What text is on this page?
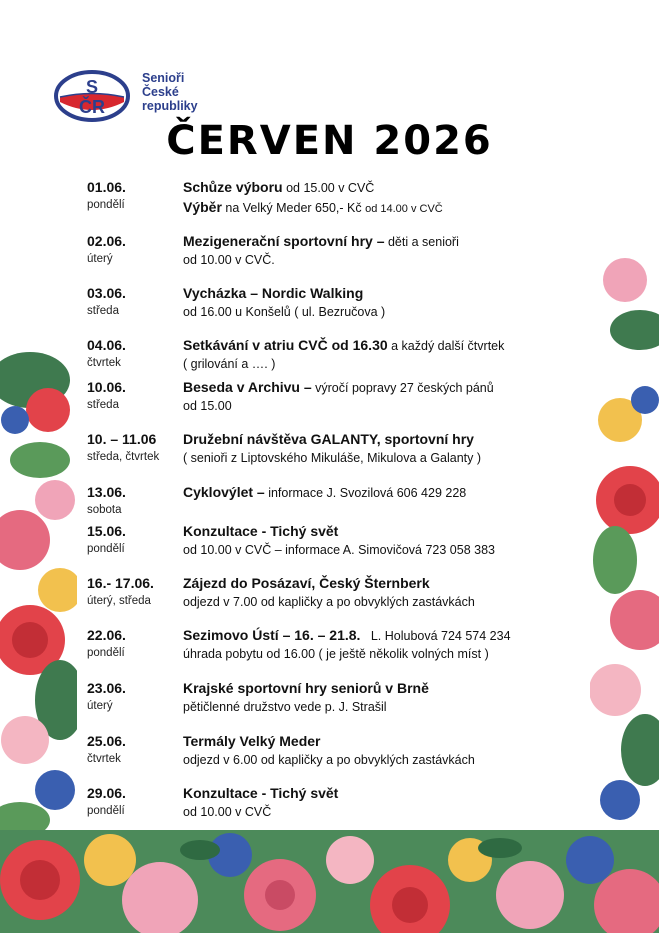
S
ČR
Senioři
České
republiky
ČERVEN 2026
01.06.
pondělí
Schůze výboru od 15.00 v CVČ
Výběr na Velký Meder 650,- Kč od 14.00 v CVČ
02.06.
úterý
Mezigenerační sportovní hry – děti a senioři
od 10.00 v CVČ.
03.06.
středa
Vycházka – Nordic Walking
od 16.00 u Konšelů ( ul. Bezručova )
04.06.
čtvrtek
Setkávání v atriu CVČ od 16.30 a každý další čtvrtek
( grilování a …. )
10.06.
středa
Beseda v Archivu – výročí popravy 27 českých pánů
od 15.00
10. – 11.06
středa, čtvrtek
Družební návštěva GALANTY, sportovní hry
( senioři z Liptovského Mikuláše, Mikulova a Galanty )
13.06.
sobota
Cyklovýlet – informace J. Svozilová 606 429 228
15.06.
pondělí
Konzultace - Tichý svět
od 10.00 v CVČ – informace A. Simovičová 723 058 383
16.- 17.06.
úterý, středa
Zájezd do Posázaví, Český Šternberk
odjezd v 7.00 od kapličky a po obvyklých zastávkách
22.06.
pondělí
Sezimovo Ústí – 16. – 21.8. L. Holubová 724 574 234
úhrada pobytu od 16.00 ( je ještě několik volných míst )
23.06.
úterý
Krajské sportovní hry seniorů v Brně
pětičlenné družstvo vede p. J. Strašil
25.06.
čtvrtek
Termály Velký Meder
odjezd v 6.00 od kapličky a po obvyklých zastávkách
29.06.
pondělí
Konzultace - Tichý svět
od 10.00 v CVČ
